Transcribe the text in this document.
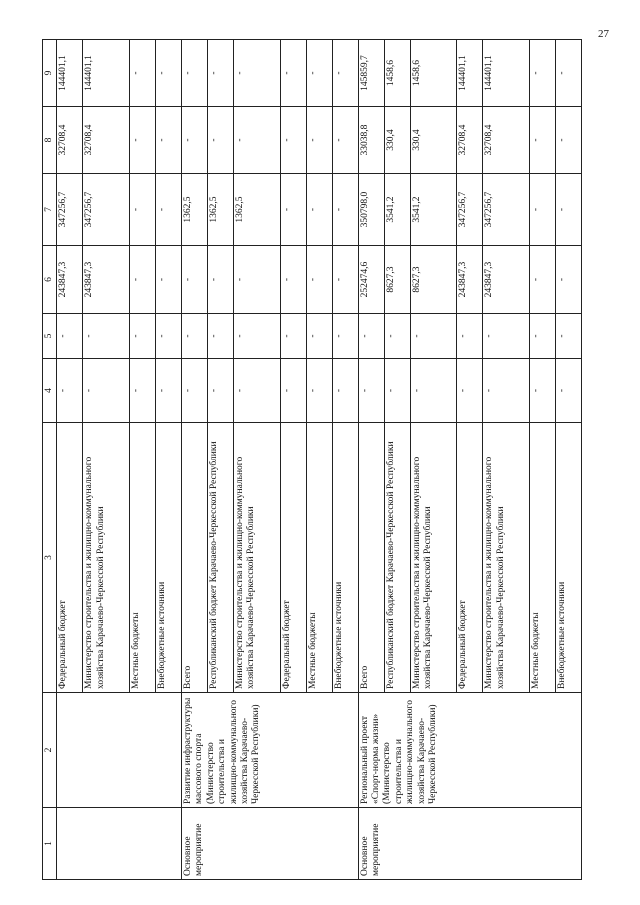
27
1	2	3	4	5	6	7	8	9
		Федеральный бюджет	-	-	243847,3	347256,7	32708,4	144401,1
		Министерство строительства и жилищно-коммунального хозяйства Карачаево-Черкесской Республики	-	-	243847,3	347256,7	32708,4	144401,1
		Местные бюджеты	-	-	-	-	-	-
		Внебюджетные источники	-	-	-	-	-	-
Основное мероприятие	Развитие инфраструктуры массового спорта (Министерство строительства и жилищно-коммунального хозяйства Карачаево-Черкесской Республики)	Всего	-	-	-	1362,5	-	-
		Республиканский бюджет Карачаево-Черкесской Республики	-	-	-	1362,5	-	-
		Министерство строительства и жилищно-коммунального хозяйства Карачаево-Черкесской Республики	-	-	-	1362,5	-	-
		Федеральный бюджет	-	-	-	-	-	-
		Местные бюджеты	-	-	-	-	-	-
		Внебюджетные источники	-	-	-	-	-	-
Основное мероприятие	Региональный проект «Спорт-норма жизни» (Министерство строительства и жилищно-коммунального хозяйства Карачаево-Черкесской Республики)	Всего	-	-	252474,6	350798,0	33038,8	145859,7
		Республиканский бюджет Карачаево-Черкесской Республики	-	-	8627,3	3541,2	330,4	1458,6
		Министерство строительства и жилищно-коммунального хозяйства Карачаево-Черкесской Республики	-	-	8627,3	3541,2	330,4	1458,6
		Федеральный бюджет	-	-	243847,3	347256,7	32708,4	144401,1
		Министерство строительства и жилищно-коммунального хозяйства Карачаево-Черкесской Республики	-	-	243847,3	347256,7	32708,4	144401,1
		Местные бюджеты	-	-	-	-	-	-
		Внебюджетные источники	-	-	-	-	-	-
